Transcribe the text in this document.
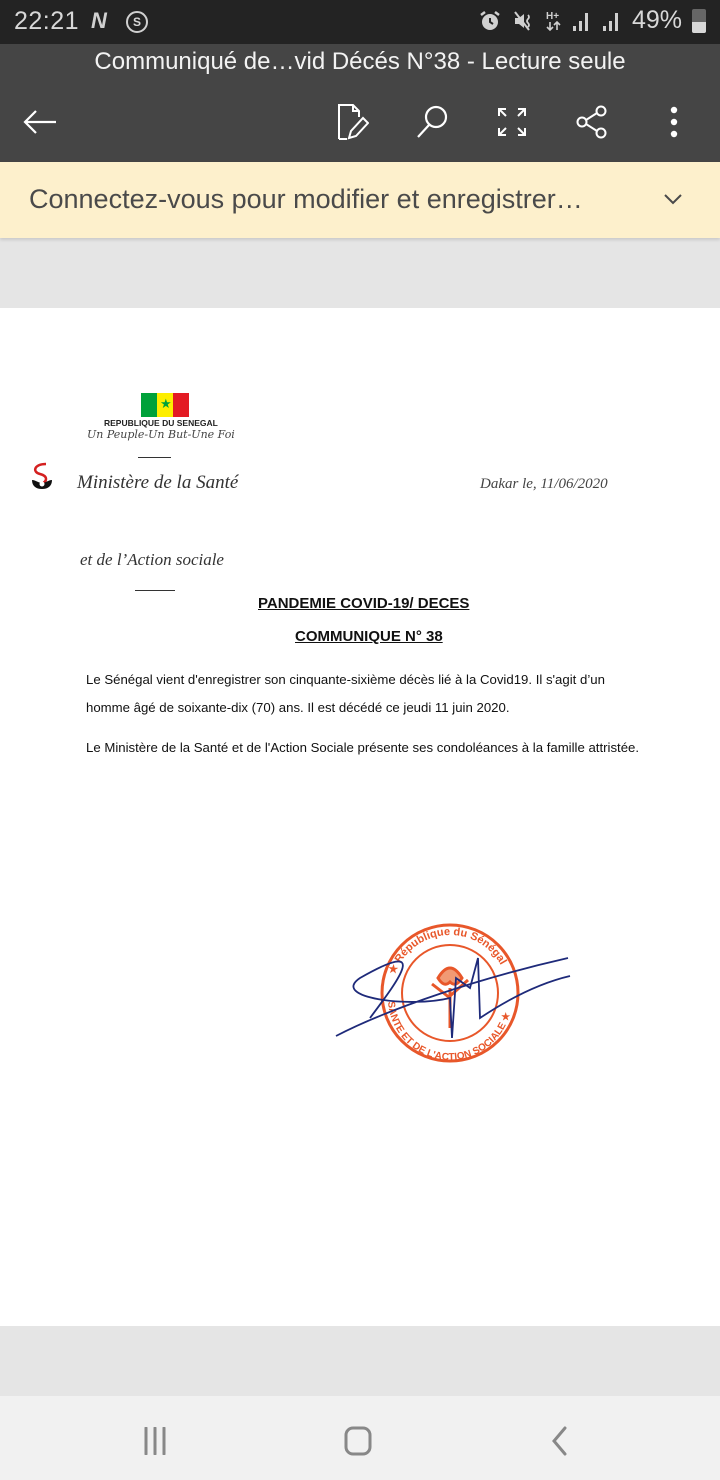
22:21 N	S	H+	49%
Communiqué de…vid Décés N°38 - Lecture seule
Connectez-vous pour modifier et enregistrer…
★
REPUBLIQUE DU SENEGAL
Un Peuple-Un But-Une Foi
Ministère de la Santé	Dakar le, 11/06/2020
et de l’Action sociale
PANDEMIE COVID-19/ DECES
COMMUNIQUE N° 38

Le Sénégal vient d'enregistrer son cinquante-sixième décès lié à la Covid19. Il s'agit d’un homme âgé de soixante-dix (70) ans. Il est décédé ce jeudi 11 juin 2020.

Le Ministère de la Santé et de l'Action Sociale présente ses condoléances à la famille attristée.

★ République du Sénégal
SANTE ET DE L'ACTION SOCIALE ★
